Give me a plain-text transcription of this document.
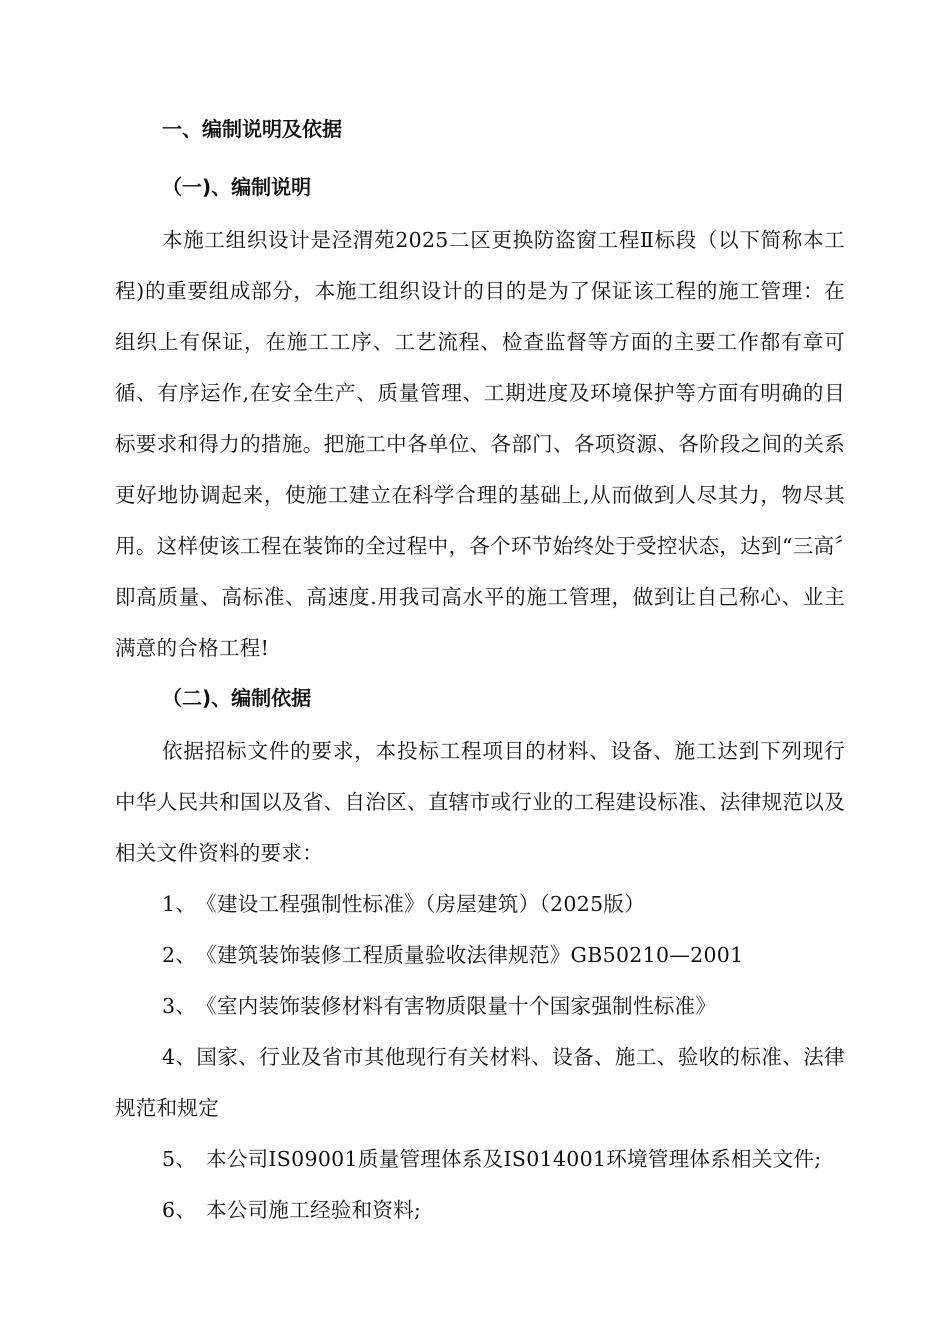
一、编制说明及依据
（一)、编制说明

本施工组织设计是泾渭苑2025二区更换防盗窗工程Ⅱ标段（以下简称本工程)的重要组成部分，本施工组织设计的目的是为了保证该工程的施工管理：在组织上有保证，在施工工序、工艺流程、检查监督等方面的主要工作都有章可循、有序运作,在安全生产、质量管理、工期进度及环境保护等方面有明确的目标要求和得力的措施。把施工中各单位、各部门、各项资源、各阶段之间的关系更好地协调起来，使施工建立在科学合理的基础上,从而做到人尽其力，物尽其用。这样使该工程在装饰的全过程中，各个环节始终处于受控状态，达到“三高〞即高质量、高标准、高速度.用我司高水平的施工管理，做到让自己称心、业主满意的合格工程!

（二)、编制依据

依据招标文件的要求，本投标工程项目的材料、设备、施工达到下列现行中华人民共和国以及省、自治区、直辖市或行业的工程建设标准、法律规范以及相关文件资料的要求：

1、《建设工程强制性标准》（房屋建筑）（2025版）

2、《建筑装饰装修工程质量验收法律规范》GB50210—2001

3、《室内装饰装修材料有害物质限量十个国家强制性标准》

4、国家、行业及省市其他现行有关材料、设备、施工、验收的标准、法律规范和规定

5、 本公司IS09001质量管理体系及IS014001环境管理体系相关文件;

6、 本公司施工经验和资料;
